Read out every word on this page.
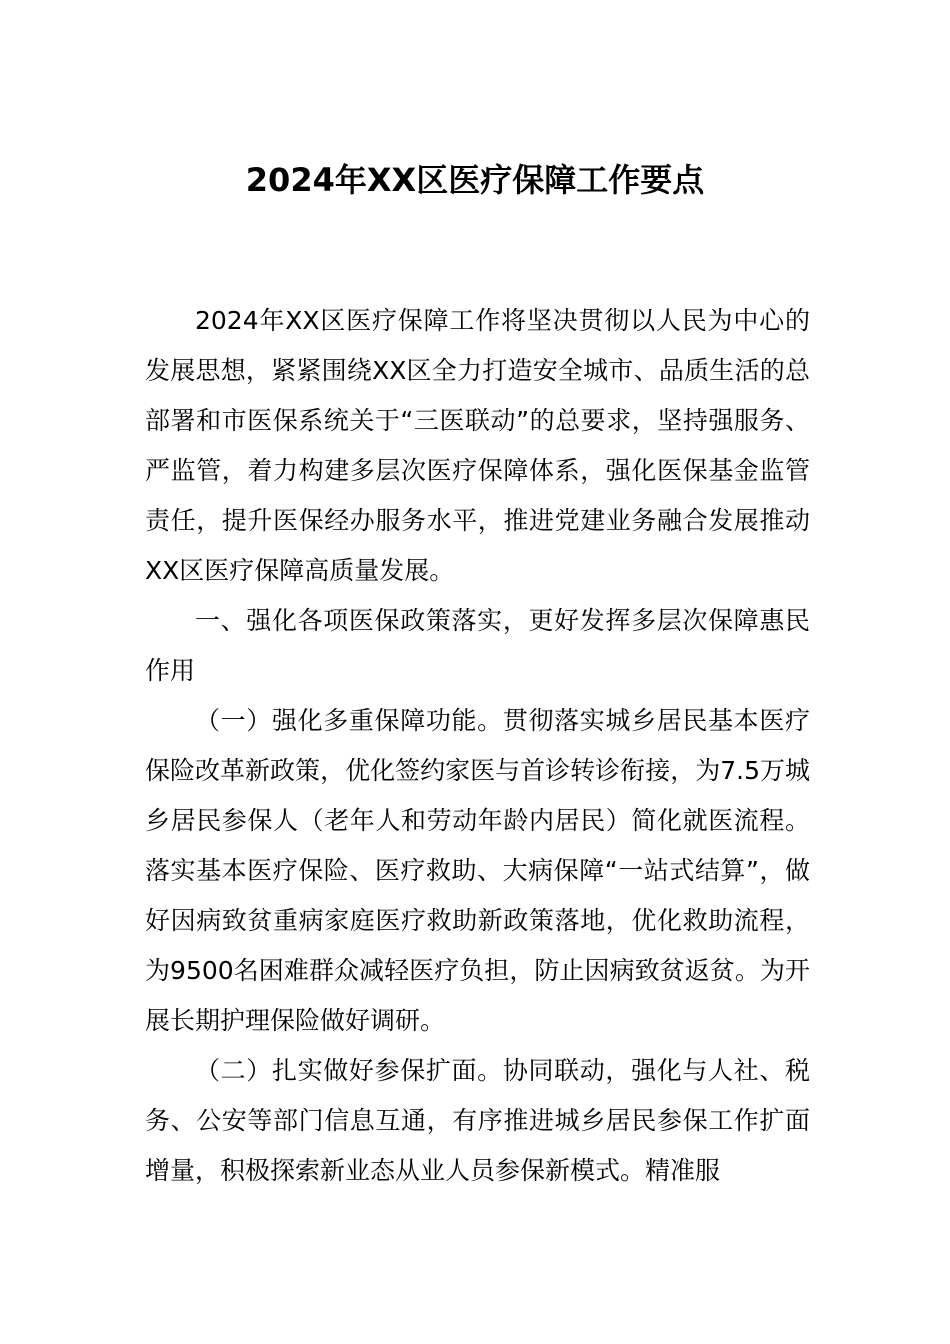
2024年XX区医疗保障工作要点

2024年XX区医疗保障工作将坚决贯彻以人民为中心的发展思想，紧紧围绕XX区全力打造安全城市、品质生活的总部署和市医保系统关于“三医联动”的总要求，坚持强服务、严监管，着力构建多层次医疗保障体系，强化医保基金监管责任，提升医保经办服务水平，推进党建业务融合发展推动XX区医疗保障高质量发展。

一、强化各项医保政策落实，更好发挥多层次保障惠民作用

（一）强化多重保障功能。贯彻落实城乡居民基本医疗保险改革新政策，优化签约家医与首诊转诊衔接，为7.5万城乡居民参保人（老年人和劳动年龄内居民）简化就医流程。落实基本医疗保险、医疗救助、大病保障“一站式结算”，做好因病致贫重病家庭医疗救助新政策落地，优化救助流程，为9500名困难群众减轻医疗负担，防止因病致贫返贫。为开展长期护理保险做好调研。

（二）扎实做好参保扩面。协同联动，强化与人社、税务、公安等部门信息互通，有序推进城乡居民参保工作扩面增量，积极探索新业态从业人员参保新模式。精准服
